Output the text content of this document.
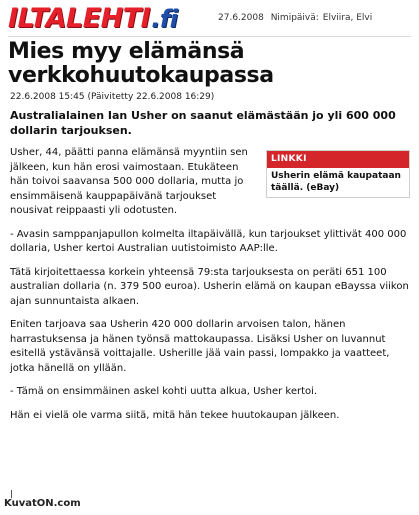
ILTALEHTI .fi	27.6.2008 Nimipäivä: Elviira, Elvi
Mies myy elämänsä verkkohuutokaupassa
22.6.2008 15:45 (Päivitetty 22.6.2008 16:29)

Australialainen Ian Usher on saanut elämästään jo yli 600 000 dollarin tarjouksen.

LINKKI
Usherin elämä kaupataan täällä. (eBay)

Usher, 44, päätti panna elämänsä myyntiin sen jälkeen, kun hän erosi vaimostaan. Etukäteen hän toivoi saavansa 500 000 dollaria, mutta jo ensimmäisenä kauppapäivänä tarjoukset nousivat reippaasti yli odotusten.

- Avasin samppanjapullon kolmelta iltapäivällä, kun tarjoukset ylittivät 400 000 dollaria, Usher kertoi Australian uutistoimisto AAP:lle.

Tätä kirjoitettaessa korkein yhteensä 79:sta tarjouksesta on peräti 651 100 australian dollaria (n. 379 500 euroa). Usherin elämä on kaupan eBayssa viikon ajan sunnuntaista alkaen.

Eniten tarjoava saa Usherin 420 000 dollarin arvoisen talon, hänen harrastuksensa ja hänen työnsä mattokaupassa. Lisäksi Usher on luvannut esitellä ystävänsä voittajalle. Usherille jää vain passi, lompakko ja vaatteet, jotka hänellä on yllään.

- Tämä on ensimmäinen askel kohti uutta alkua, Usher kertoi.

Hän ei vielä ole varma siitä, mitä hän tekee huutokaupan jälkeen.

KuvatON.com
